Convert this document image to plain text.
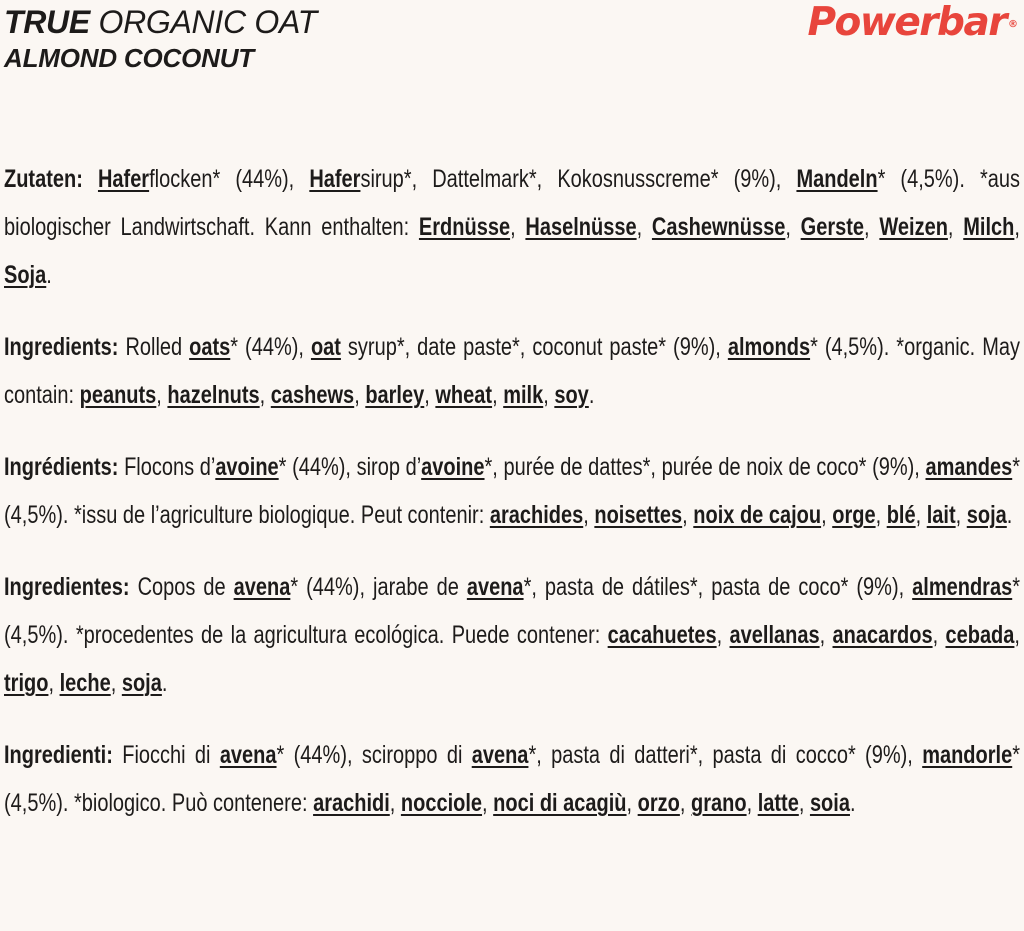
TRUE ORGANIC OAT
ALMOND COCONUT
Powerbar ®

Zutaten: Haferflocken* (44%), Hafersirup*, Dattelmark*, Kokosnusscreme* (9%), Mandeln* (4,5%). *aus biologischer Landwirtschaft. Kann enthalten: Erdnüsse, Haselnüsse, Cashewnüsse, Gerste, Weizen, Milch, Soja.

Ingredients: Rolled oats* (44%), oat syrup*, date paste*, coconut paste* (9%), almonds* (4,5%). *organic. May contain: peanuts, hazelnuts, cashews, barley, wheat, milk, soy.

Ingrédients: Flocons d’avoine* (44%), sirop d’avoine*, purée de dattes*, purée de noix de coco* (9%), amandes* (4,5%). *issu de l’agriculture biologique. Peut contenir: arachides, noisettes, noix de cajou, orge, blé, lait, soja.

Ingredientes: Copos de avena* (44%), jarabe de avena*, pasta de dátiles*, pasta de coco* (9%), almendras* (4,5%). *procedentes de la agricultura ecológica. Puede contener: cacahuetes, avellanas, anacardos, cebada, trigo, leche, soja.

Ingredienti: Fiocchi di avena* (44%), sciroppo di avena*, pasta di datteri*, pasta di cocco* (9%), mandorle* (4,5%). *biologico. Può contenere: arachidi, nocciole, noci di acagiù, orzo, grano, latte, soia.
